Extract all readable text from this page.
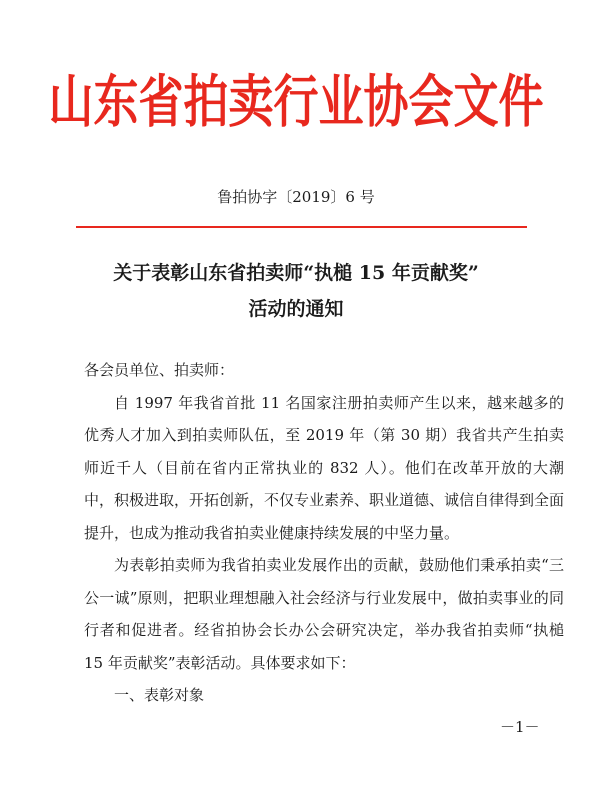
山东省拍卖行业协会文件
鲁拍协字〔2019〕6 号
关于表彰山东省拍卖师“执槌 15 年贡献奖”
活动的通知

各会员单位、拍卖师：

自 1997 年我省首批 11 名国家注册拍卖师产生以来，越来越多的优秀人才加入到拍卖师队伍，至 2019 年（第 30 期）我省共产生拍卖师近千人（目前在省内正常执业的 832 人）。他们在改革开放的大潮中，积极进取，开拓创新，不仅专业素养、职业道德、诚信自律得到全面提升，也成为推动我省拍卖业健康持续发展的中坚力量。

为表彰拍卖师为我省拍卖业发展作出的贡献，鼓励他们秉承拍卖“三公一诚”原则，把职业理想融入社会经济与行业发展中，做拍卖事业的同行者和促进者。经省拍协会长办公会研究决定，举办我省拍卖师“执槌 15 年贡献奖”表彰活动。具体要求如下：

一、表彰对象

－1－
